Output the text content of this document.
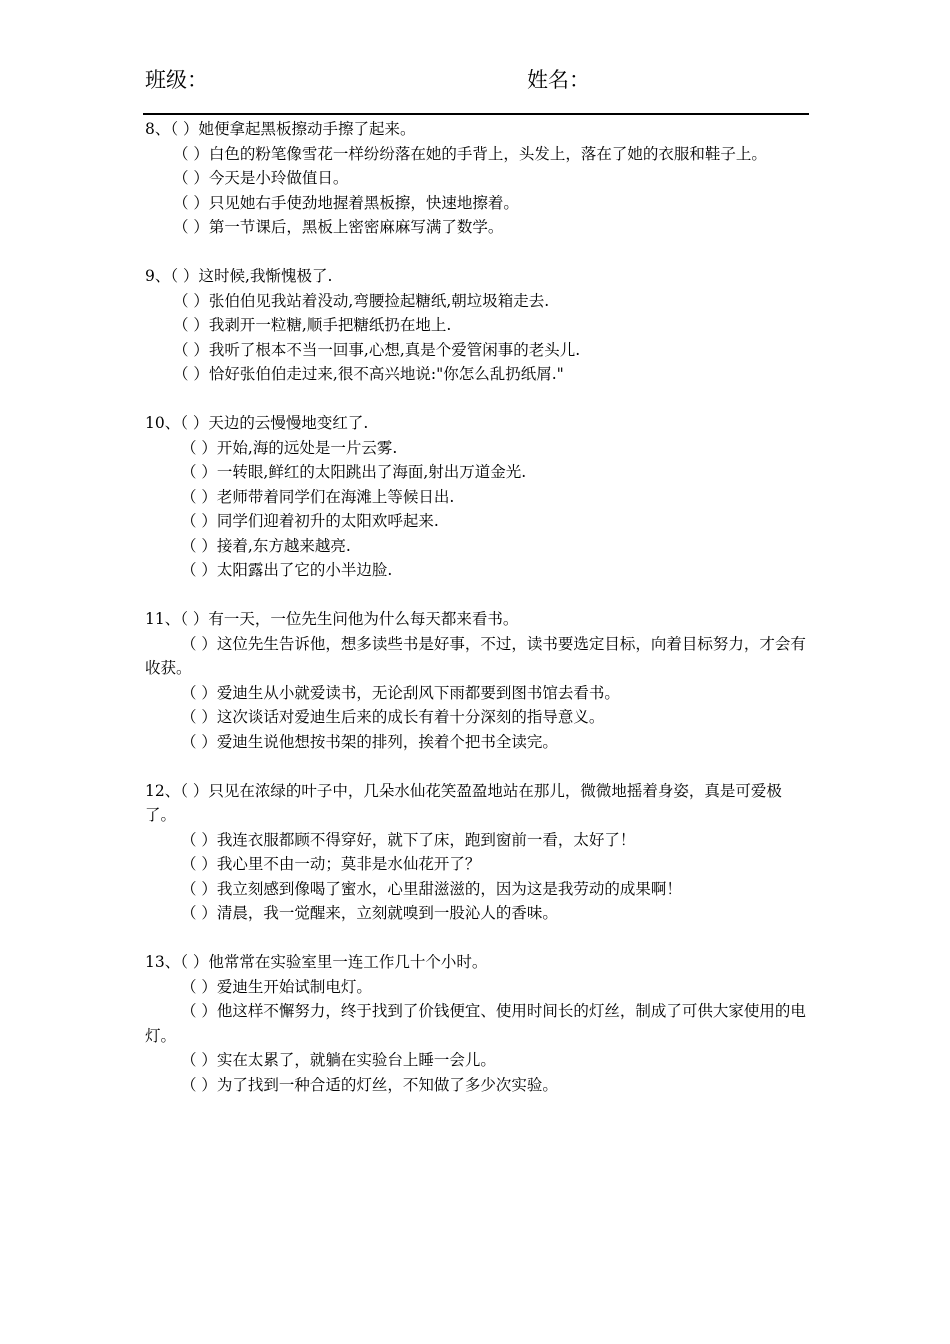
班级：	姓名：
8、（ ）她便拿起黑板擦动手擦了起来。
（ ）白色的粉笔像雪花一样纷纷落在她的手背上，头发上，落在了她的衣服和鞋子上。
（ ）今天是小玲做值日。
（ ）只见她右手使劲地握着黑板擦，快速地擦着。
（ ）第一节课后，黑板上密密麻麻写满了数学。
9、（ ）这时候,我惭愧极了.
（ ）张伯伯见我站着没动,弯腰捡起糖纸,朝垃圾箱走去.
（ ）我剥开一粒糖,顺手把糖纸扔在地上.
（ ）我听了根本不当一回事,心想,真是个爱管闲事的老头儿.
（ ）恰好张伯伯走过来,很不高兴地说:"你怎么乱扔纸屑."
10、（ ）天边的云慢慢地变红了.
（ ）开始,海的远处是一片云雾.
（ ）一转眼,鲜红的太阳跳出了海面,射出万道金光.
（ ）老师带着同学们在海滩上等候日出.
（ ）同学们迎着初升的太阳欢呼起来.
（ ）接着,东方越来越亮.
（ ）太阳露出了它的小半边脸.
11、（ ）有一天，一位先生问他为什么每天都来看书。
（ ）这位先生告诉他，想多读些书是好事，不过，读书要选定目标，向着目标努力，才会有收获。
（ ）爱迪生从小就爱读书，无论刮风下雨都要到图书馆去看书。
（ ）这次谈话对爱迪生后来的成长有着十分深刻的指导意义。
（ ）爱迪生说他想按书架的排列，挨着个把书全读完。
12、（ ）只见在浓绿的叶子中，几朵水仙花笑盈盈地站在那儿，微微地摇着身姿，真是可爱极了。
（ ）我连衣服都顾不得穿好，就下了床，跑到窗前一看，太好了！
（ ）我心里不由一动；莫非是水仙花开了？
（ ）我立刻感到像喝了蜜水，心里甜滋滋的，因为这是我劳动的成果啊！
（ ）清晨，我一觉醒来，立刻就嗅到一股沁人的香味。
13、（ ）他常常在实验室里一连工作几十个小时。
（ ）爱迪生开始试制电灯。
（ ）他这样不懈努力，终于找到了价钱便宜、使用时间长的灯丝，制成了可供大家使用的电灯。
（ ）实在太累了，就躺在实验台上睡一会儿。
（ ）为了找到一种合适的灯丝，不知做了多少次实验。
